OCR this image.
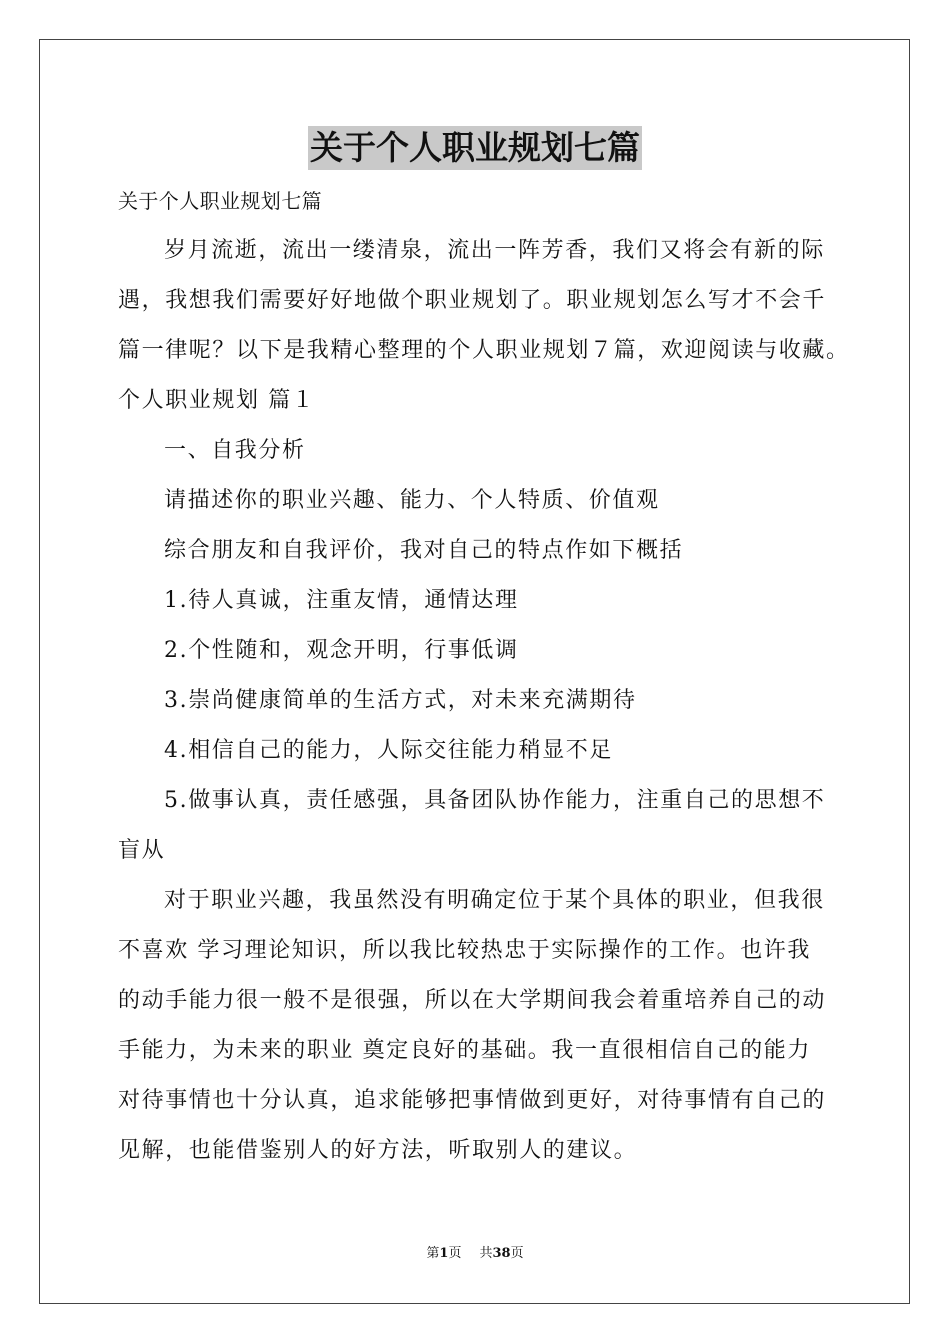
关于个人职业规划七篇
关于个人职业规划七篇
岁月流逝，流出一缕清泉，流出一阵芳香，我们又将会有新的际
遇，我想我们需要好好地做个职业规划了。职业规划怎么写才不会千
篇一律呢？以下是我精心整理的个人职业规划７篇，欢迎阅读与收藏。
个人职业规划 篇１
一、自我分析
请描述你的职业兴趣、能力、个人特质、价值观
综合朋友和自我评价，我对自己的特点作如下概括
1.待人真诚，注重友情，通情达理
2.个性随和，观念开明，行事低调
3.崇尚健康简单的生活方式，对未来充满期待
4.相信自己的能力，人际交往能力稍显不足
5.做事认真，责任感强，具备团队协作能力，注重自己的思想不
盲从
对于职业兴趣，我虽然没有明确定位于某个具体的职业，但我很
不喜欢 学习理论知识，所以我比较热忠于实际操作的工作。也许我
的动手能力很一般不是很强，所以在大学期间我会着重培养自己的动
手能力，为未来的职业 奠定良好的基础。我一直很相信自己的能力
对待事情也十分认真，追求能够把事情做到更好，对待事情有自己的
见解，也能借鉴别人的好方法，听取别人的建议。
第1页 共38页
